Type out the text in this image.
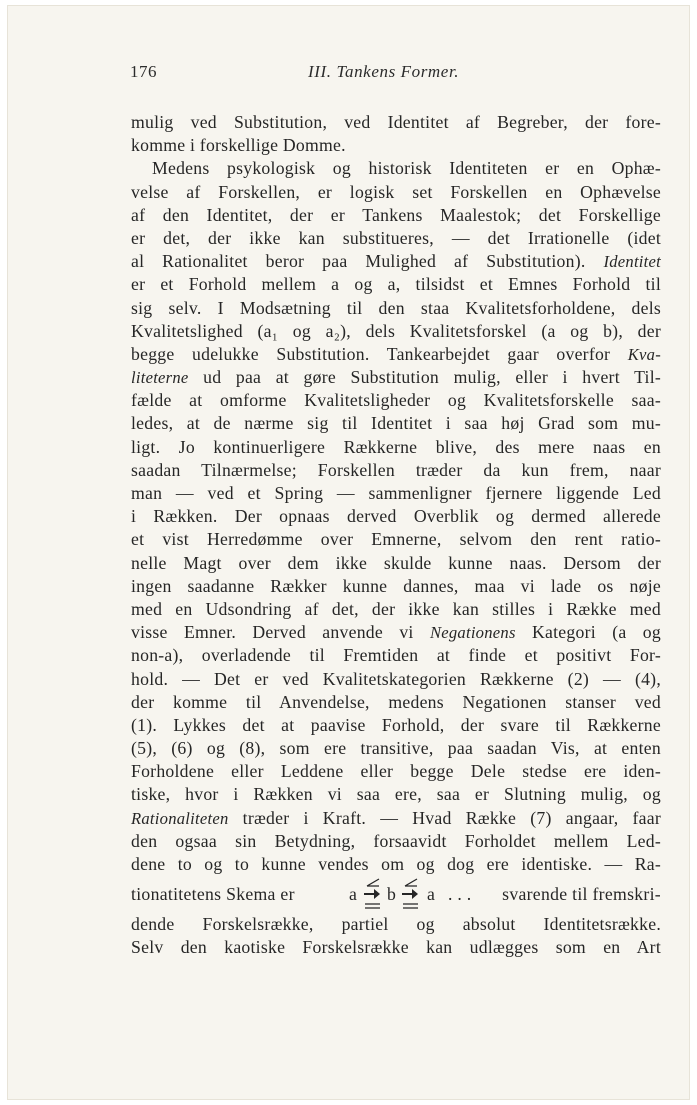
176	III. Tankens Former.
mulig ved Substitution, ved Identitet af Begreber, der fore-
komme i forskellige Domme.
Medens psykologisk og historisk Identiteten er en Ophæ-
velse af Forskellen, er logisk set Forskellen en Ophævelse
af den Identitet, der er Tankens Maalestok; det Forskellige
er det, der ikke kan substitueres, — det Irrationelle (idet
al Rationalitet beror paa Mulighed af Substitution). Identitet
er et Forhold mellem a og a, tilsidst et Emnes Forhold til
sig selv. I Modsætning til den staa Kvalitetsforholdene, dels
Kvalitetslighed (a₁ og a₂), dels Kvalitetsforskel (a og b), der
begge udelukke Substitution. Tankearbejdet gaar overfor Kva-
liteterne ud paa at gøre Substitution mulig, eller i hvert Til-
fælde at omforme Kvalitetsligheder og Kvalitetsforskelle saa-
ledes, at de nærme sig til Identitet i saa høj Grad som mu-
ligt. Jo kontinuerligere Rækkerne blive, des mere naas en
saadan Tilnærmelse; Forskellen træder da kun frem, naar
man — ved et Spring — sammenligner fjernere liggende Led
i Rækken. Der opnaas derved Overblik og dermed allerede
et vist Herredømme over Emnerne, selvom den rent ratio-
nelle Magt over dem ikke skulde kunne naas. Dersom der
ingen saadanne Rækker kunne dannes, maa vi lade os nøje
med en Udsondring af det, der ikke kan stilles i Række med
visse Emner. Derved anvende vi Negationens Kategori (a og
non-a), overladende til Fremtiden at finde et positivt For-
hold. — Det er ved Kvalitetskategorien Rækkerne (2) — (4),
der komme til Anvendelse, medens Negationen stanser ved
(1). Lykkes det at paavise Forhold, der svare til Rækkerne
(5), (6) og (8), som ere transitive, paa saadan Vis, at enten
Forholdene eller Leddene eller begge Dele stedse ere iden-
tiske, hvor i Rækken vi saa ere, saa er Slutning mulig, og
Rationaliteten træder i Kraft. — Hvad Række (7) angaar, faar
den ogsaa sin Betydning, forsaavidt Forholdet mellem Led-
dene to og to kunne vendes om og dog ere identiske. — Ra-
tionatitetens Skema er	a b a . . . svarende til fremskri-
dende Forskelsrække, partiel og absolut Identitetsrække.
Selv den kaotiske Forskelsrække kan udlægges som en Art
